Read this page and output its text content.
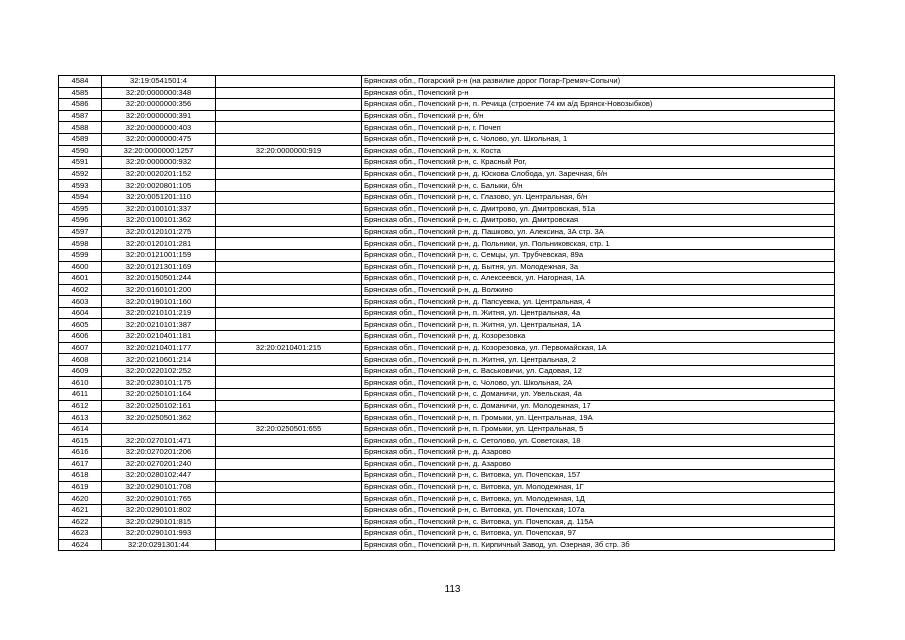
4584	32:19:0541501:4		Брянская обл., Погарский р-н (на развилке дорог Погар-Гремяч-Сопычи)
4585	32:20:0000000:348		Брянская обл., Почепский р-н
4586	32:20:0000000:356		Брянская обл., Почепский р-н, п. Речица (строение 74 км а/д Брянск-Новозыбков)
4587	32:20:0000000:391		Брянская обл., Почепский р-н, б/н
4588	32:20:0000000:403		Брянская обл., Почепский р-н, г. Почеп
4589	32:20:0000000:475		Брянская обл., Почепский р-н, с. Чолово, ул. Школьная, 1
4590	32:20:0000000:1257	32:20:0000000:919	Брянская обл., Почепский р-н, х. Коста
4591	32:20:0000000:932		Брянская обл., Почепский р-н, с. Красный Рог,
4592	32:20:0020201:152		Брянская обл., Почепский р-н, д. Юскова Слобода, ул. Заречная, б/н
4593	32:20:0020801:105		Брянская обл., Почепский р-н, с. Балыки, б/н
4594	32:20:0051201:110		Брянская обл., Почепский р-н, с. Глазово, ул. Центральная, б/н
4595	32:20:0100101:337		Брянская обл., Почепский р-н, с. Дмитрово, ул. Дмитровская, 51а
4596	32:20:0100101:362		Брянская обл., Почепский р-н, с. Дмитрово, ул. Дмитровская
4597	32:20:0120101:275		Брянская обл., Почепский р-н, д. Пашково, ул. Алексина, 3А стр. 3А
4598	32:20:0120101:281		Брянская обл., Почепский р-н, д. Польники, ул. Польниковская, стр. 1
4599	32:20:0121001:159		Брянская обл., Почепский р-н, с. Семцы, ул. Трубчевская, 89а
4600	32:20:0121301:169		Брянская обл., Почепский р-н, д. Бытня, ул. Молодежная, 3а
4601	32:20:0150501:244		Брянская обл., Почепский р-н, с. Алексеевск, ул. Нагорная, 1А
4602	32:20:0160101:200		Брянская обл., Почепский р-н, д. Волжино
4603	32:20:0190101:160		Брянская обл., Почепский р-н, д. Папсуевка, ул. Центральная, 4
4604	32:20:0210101:219		Брянская обл., Почепский р-н, п. Житня, ул. Центральная, 4а
4605	32:20:0210101:387		Брянская обл., Почепский р-н, п. Житня, ул. Центральная, 1А
4606	32:20:0210401:181		Брянская обл., Почепский р-н, д. Козорезовка
4607	32:20:0210401:177	32:20:0210401:215	Брянская обл., Почепский р-н, д. Козорезовка, ул. Первомайская, 1А
4608	32:20:0210601:214		Брянская обл., Почепский р-н, п. Житня, ул. Центральная, 2
4609	32:20:0220102:252		Брянская обл., Почепский р-н, с. Васьковичи, ул. Садовая, 12
4610	32:20:0230101:175		Брянская обл., Почепский р-н, с. Чолово, ул. Школьная, 2А
4611	32:20:0250101:164		Брянская обл., Почепский р-н, с. Доманичи, ул. Увельская, 4а
4612	32:20:0250102:161		Брянская обл., Почепский р-н, с. Доманичи, ул. Молодежная, 17
4613	32:20:0250501:362		Брянская обл., Почепский р-н, п. Громыки, ул. Центральная, 19А
4614		32:20:0250501:655	Брянская обл., Почепский р-н, п. Громыки, ул. Центральная, 5
4615	32:20:0270101:471		Брянская обл., Почепский р-н, с. Сетолово, ул. Советская, 18
4616	32:20:0270201:206		Брянская обл., Почепский р-н, д. Азарово
4617	32:20:0270201:240		Брянская обл., Почепский р-н, д. Азарово
4618	32:20:0280102:447		Брянская обл., Почепский р-н, с. Витовка, ул. Почепская, 157
4619	32:20:0290101:708		Брянская обл., Почепский р-н, с. Витовка, ул. Молодежная, 1Г
4620	32:20:0290101:765		Брянская обл., Почепский р-н, с. Витовка, ул. Молодежная, 1Д
4621	32:20:0290101:802		Брянская обл., Почепский р-н, с. Витовка, ул. Почепская, 107а
4622	32:20:0290101:815		Брянская обл., Почепский р-н, с. Витовка, ул. Почепская, д. 115А
4623	32:20:0290101:993		Брянская обл., Почепский р-н, с. Витовка, ул. Почепская, 97
4624	32:20:0291301:44		Брянская обл., Почепский р-н, п. Кирпичный Завод, ул. Озерная, 3б стр. 3б
113
